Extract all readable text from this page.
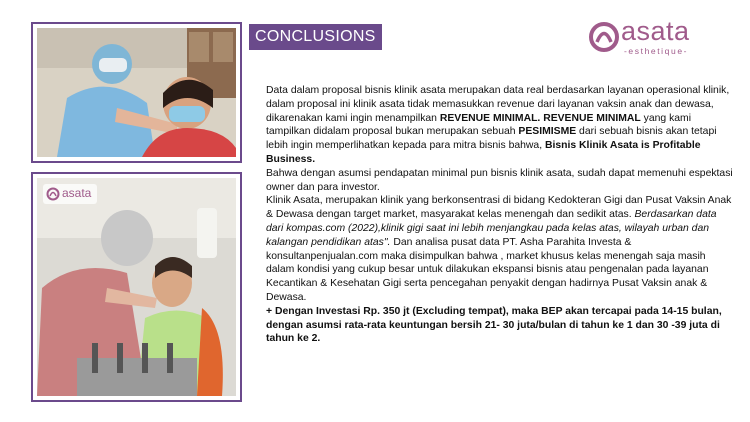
asata
CONCLUSIONS	asata
-esthetique-

Data dalam proposal bisnis klinik asata merupakan data real berdasarkan layanan operasional klinik, dalam proposal ini klinik asata tidak memasukkan revenue dari layanan vaksin anak dan dewasa, dikarenakan kami ingin menampilkan REVENUE MINIMAL. REVENUE MINIMAL yang kami tampilkan didalam proposal bukan merupakan sebuah PESIMISME dari sebuah bisnis akan tetapi lebih ingin memperlihatkan kepada para mitra bisnis bahwa, Bisnis Klinik Asata is Profitable Business.

Bahwa dengan asumsi pendapatan minimal pun bisnis klinik asata, sudah dapat memenuhi espektasi owner dan para investor.

Klinik Asata, merupakan klinik yang berkonsentrasi di bidang Kedokteran Gigi dan Pusat Vaksin Anak & Dewasa dengan target market, masyarakat kelas menengah dan sedikit atas. Berdasarkan data dari kompas.com (2022),klinik gigi saat ini lebih menjangkau pada kelas atas, wilayah urban dan kalangan pendidikan atas". Dan analisa pusat data PT. Asha Parahita Investa & konsultanpenjualan.com maka disimpulkan bahwa , market khusus kelas menengah saja masih dalam kondisi yang cukup besar untuk dilakukan ekspansi bisnis atau pengenalan pada layanan Kecantikan & Kesehatan Gigi serta pencegahan penyakit dengan hadirnya Pusat Vaksin anak & Dewasa.

+ Dengan Investasi Rp. 350 jt (Excluding tempat), maka BEP akan tercapai pada 14-15 bulan, dengan asumsi rata-rata keuntungan bersih 21- 30 juta/bulan di tahun ke 1 dan 30 -39 juta di tahun ke 2.
